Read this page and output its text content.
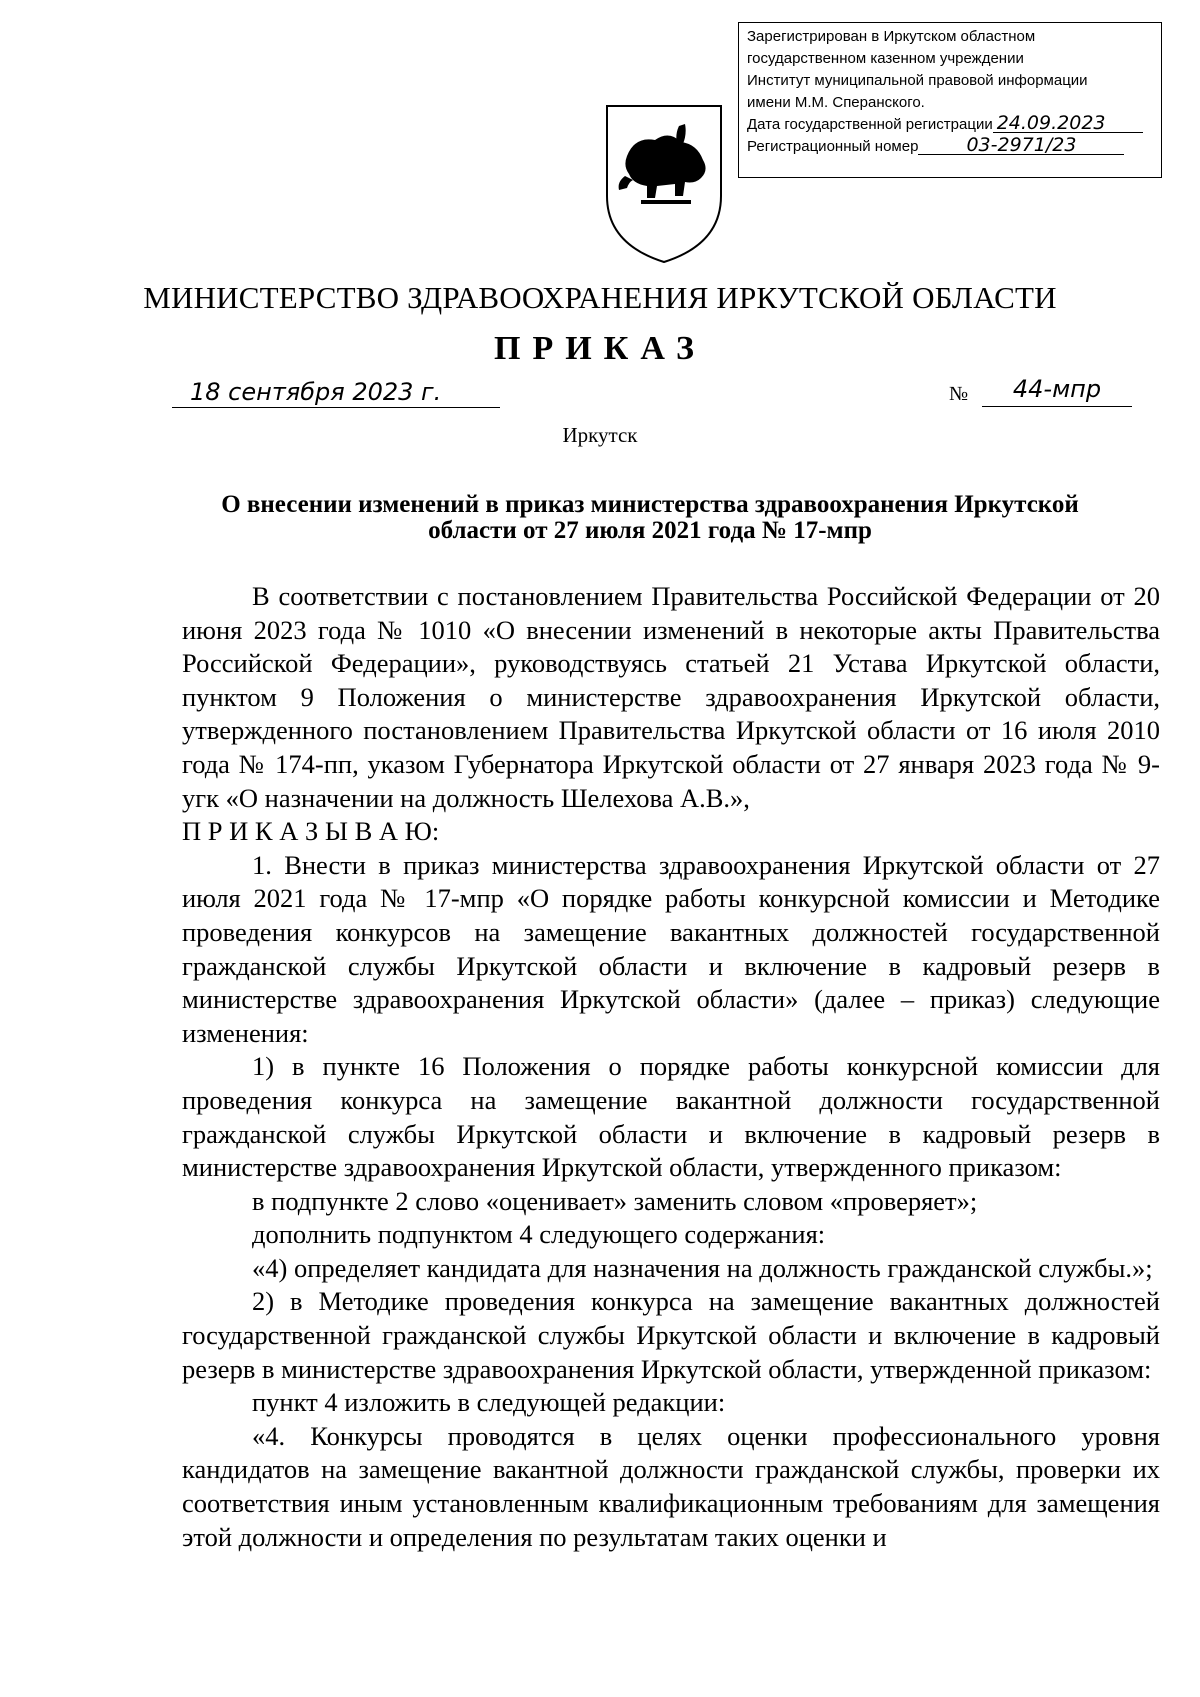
Зарегистрирован в Иркутском областном
государственном казенном учреждении
Институт муниципальной правовой информации
имени М.М. Сперанского.
Дата государственной регистрации 24.09.2023
Регистрационный номер	03-2971/23
МИНИСТЕРСТВО ЗДРАВООХРАНЕНИЯ ИРКУТСКОЙ ОБЛАСТИ
ПРИКАЗ
18 сентября 2023 г.	№	44-мпр
Иркутск
О внесении изменений в приказ министерства здравоохранения Иркутской области от 27 июля 2021 года № 17-мпр

В соответствии с постановлением Правительства Российской Федерации от 20 июня 2023 года № 1010 «О внесении изменений в некоторые акты Правительства Российской Федерации», руководствуясь статьей 21 Устава Иркутской области, пунктом 9 Положения о министерстве здравоохранения Иркутской области, утвержденного постановлением Правительства Иркутской области от 16 июля 2010 года № 174-пп, указом Губернатора Иркутской области от 27 января 2023 года № 9-угк «О назначении на должность Шелехова А.В.»,

П Р И К А З Ы В А Ю:

1. Внести в приказ министерства здравоохранения Иркутской области от 27 июля 2021 года № 17-мпр «О порядке работы конкурсной комиссии и Методике проведения конкурсов на замещение вакантных должностей государственной гражданской службы Иркутской области и включение в кадровый резерв в министерстве здравоохранения Иркутской области» (далее – приказ) следующие изменения:

1) в пункте 16 Положения о порядке работы конкурсной комиссии для проведения конкурса на замещение вакантной должности государственной гражданской службы Иркутской области и включение в кадровый резерв в министерстве здравоохранения Иркутской области, утвержденного приказом:

в подпункте 2 слово «оценивает» заменить словом «проверяет»;

дополнить подпунктом 4 следующего содержания:

«4) определяет кандидата для назначения на должность гражданской службы.»;

2) в Методике проведения конкурса на замещение вакантных должностей государственной гражданской службы Иркутской области и включение в кадровый резерв в министерстве здравоохранения Иркутской области, утвержденной приказом:

пункт 4 изложить в следующей редакции:

«4. Конкурсы проводятся в целях оценки профессионального уровня кандидатов на замещение вакантной должности гражданской службы, проверки их соответствия иным установленным квалификационным требованиям для замещения этой должности и определения по результатам таких оценки и
